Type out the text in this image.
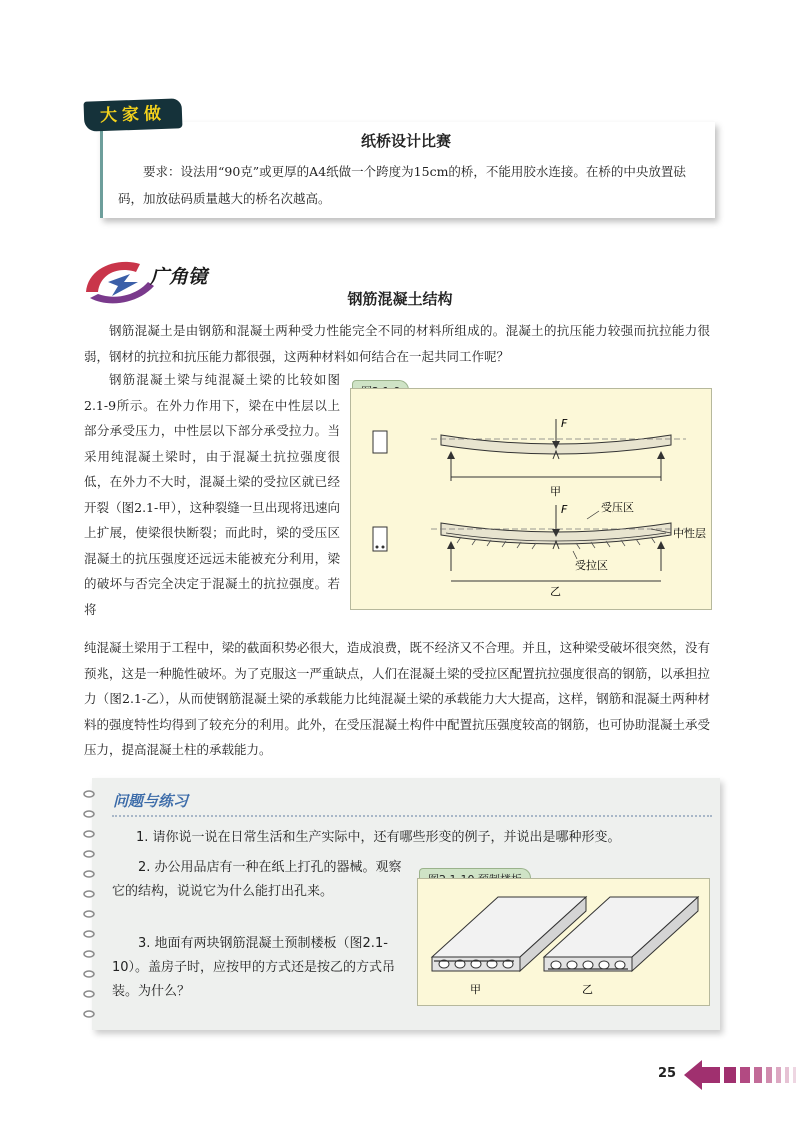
大家做
纸桥设计比赛
要求：设法用“90克”或更厚的A4纸做一个跨度为15cm的桥，不能用胶水连接。在桥的中央放置砝码，加放砝码质量越大的桥名次越高。
广角镜
钢筋混凝土结构
钢筋混凝土是由钢筋和混凝土两种受力性能完全不同的材料所组成的。混凝土的抗压能力较强而抗拉能力很弱，钢材的抗拉和抗压能力都很强，这两种材料如何结合在一起共同工作呢？
钢筋混凝土梁与纯混凝土梁的比较如图2.1-9所示。在外力作用下，梁在中性层以上部分承受压力，中性层以下部分承受拉力。当采用纯混凝土梁时，由于混凝土抗拉强度很低，在外力不大时，混凝土梁的受拉区就已经开裂（图2.1-甲），这种裂缝一旦出现将迅速向上扩展，使梁很快断裂；而此时，梁的受压区混凝土的抗压强度还远远未能被充分利用，梁的破坏与否完全决定于混凝土的抗拉强度。若将
纯混凝土梁用于工程中，梁的截面积势必很大，造成浪费，既不经济又不合理。并且，这种梁受破坏很突然，没有预兆，这是一种脆性破坏。为了克服这一严重缺点，人们在混凝土梁的受拉区配置抗拉强度很高的钢筋，以承担拉力（图2.1-乙），从而使钢筋混凝土梁的承载能力比纯混凝土梁的承载能力大大提高，这样，钢筋和混凝土两种材料的强度特性均得到了较充分的利用。此外，在受压混凝土构件中配置抗压强度较高的钢筋，也可协助混凝土承受压力，提高混凝土柱的承载能力。
F
甲
F	受压区
中性层
受拉区
乙
问题与练习
1. 请你说一说在日常生活和生产实际中，还有哪些形变的例子，并说出是哪种形变。
2. 办公用品店有一种在纸上打孔的器械。观察它的结构，说说它为什么能打出孔来。
3. 地面有两块钢筋混凝土预制楼板（图2.1-10）。盖房子时，应按甲的方式还是按乙的方式吊装。为什么？	甲	乙
25
